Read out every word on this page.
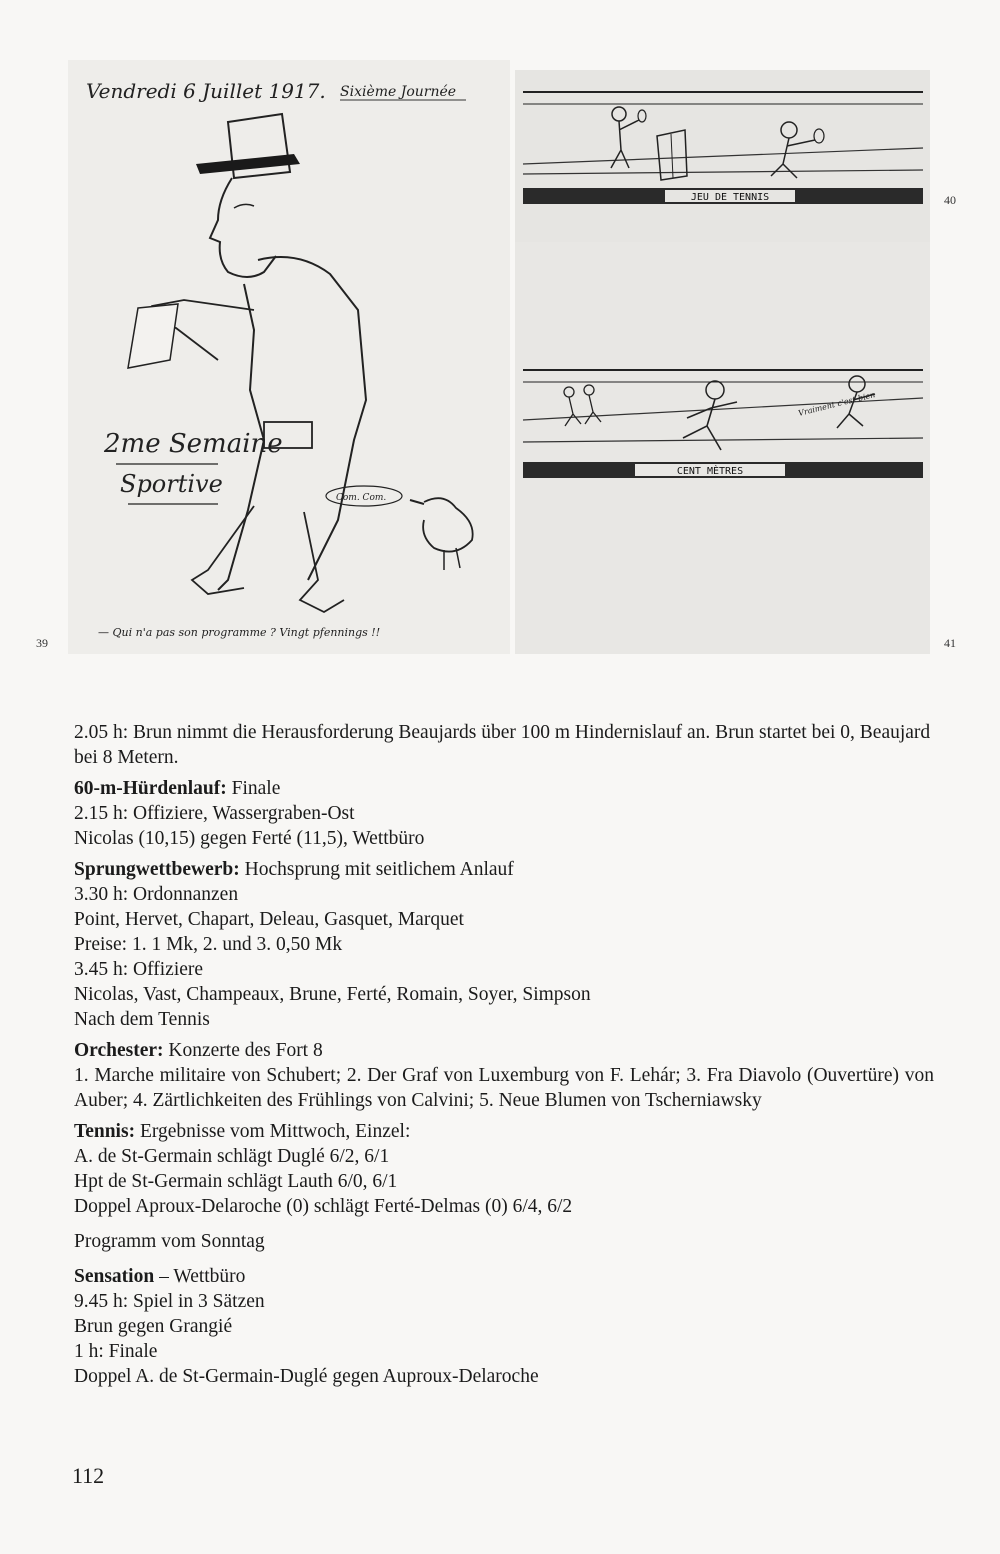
Vendredi 6 Juillet 1917. Sixième Journée
Com. Com.
2me Semaine
Sportive
— Qui n'a pas son programme ? Vingt pfennings !!
39
JEU DE TENNIS	40
Vraiment c'est bien
CENT MÈTRES
41

2.05 h: Brun nimmt die Herausforderung Beaujards über 100 m Hindernislauf an. Brun startet bei 0, Beaujard bei 8 Metern.

60-m-Hürdenlauf: Finale

2.15 h: Offiziere, Wassergraben-Ost

Nicolas (10,15) gegen Ferté (11,5), Wettbüro

Sprungwettbewerb: Hochsprung mit seitlichem Anlauf

3.30 h: Ordonnanzen

Point, Hervet, Chapart, Deleau, Gasquet, Marquet

Preise: 1. 1 Mk, 2. und 3. 0,50 Mk

3.45 h: Offiziere

Nicolas, Vast, Champeaux, Brune, Ferté, Romain, Soyer, Simpson

Nach dem Tennis

Orchester: Konzerte des Fort 8

1. Marche militaire von Schubert; 2. Der Graf von Luxemburg von F. Lehár; 3. Fra Diavolo (Ouvertüre) von Auber; 4. Zärtlichkeiten des Frühlings von Calvini; 5. Neue Blumen von Tscherniawsky

Tennis: Ergebnisse vom Mittwoch, Einzel:

A. de St-Germain schlägt Duglé 6/2, 6/1

Hpt de St-Germain schlägt Lauth 6/0, 6/1

Doppel Aproux-Delaroche (0) schlägt Ferté-Delmas (0) 6/4, 6/2

Programm vom Sonntag

Sensation – Wettbüro

9.45 h: Spiel in 3 Sätzen

Brun gegen Grangié

1 h: Finale

Doppel A. de St-Germain-Duglé gegen Auproux-Delaroche

112
